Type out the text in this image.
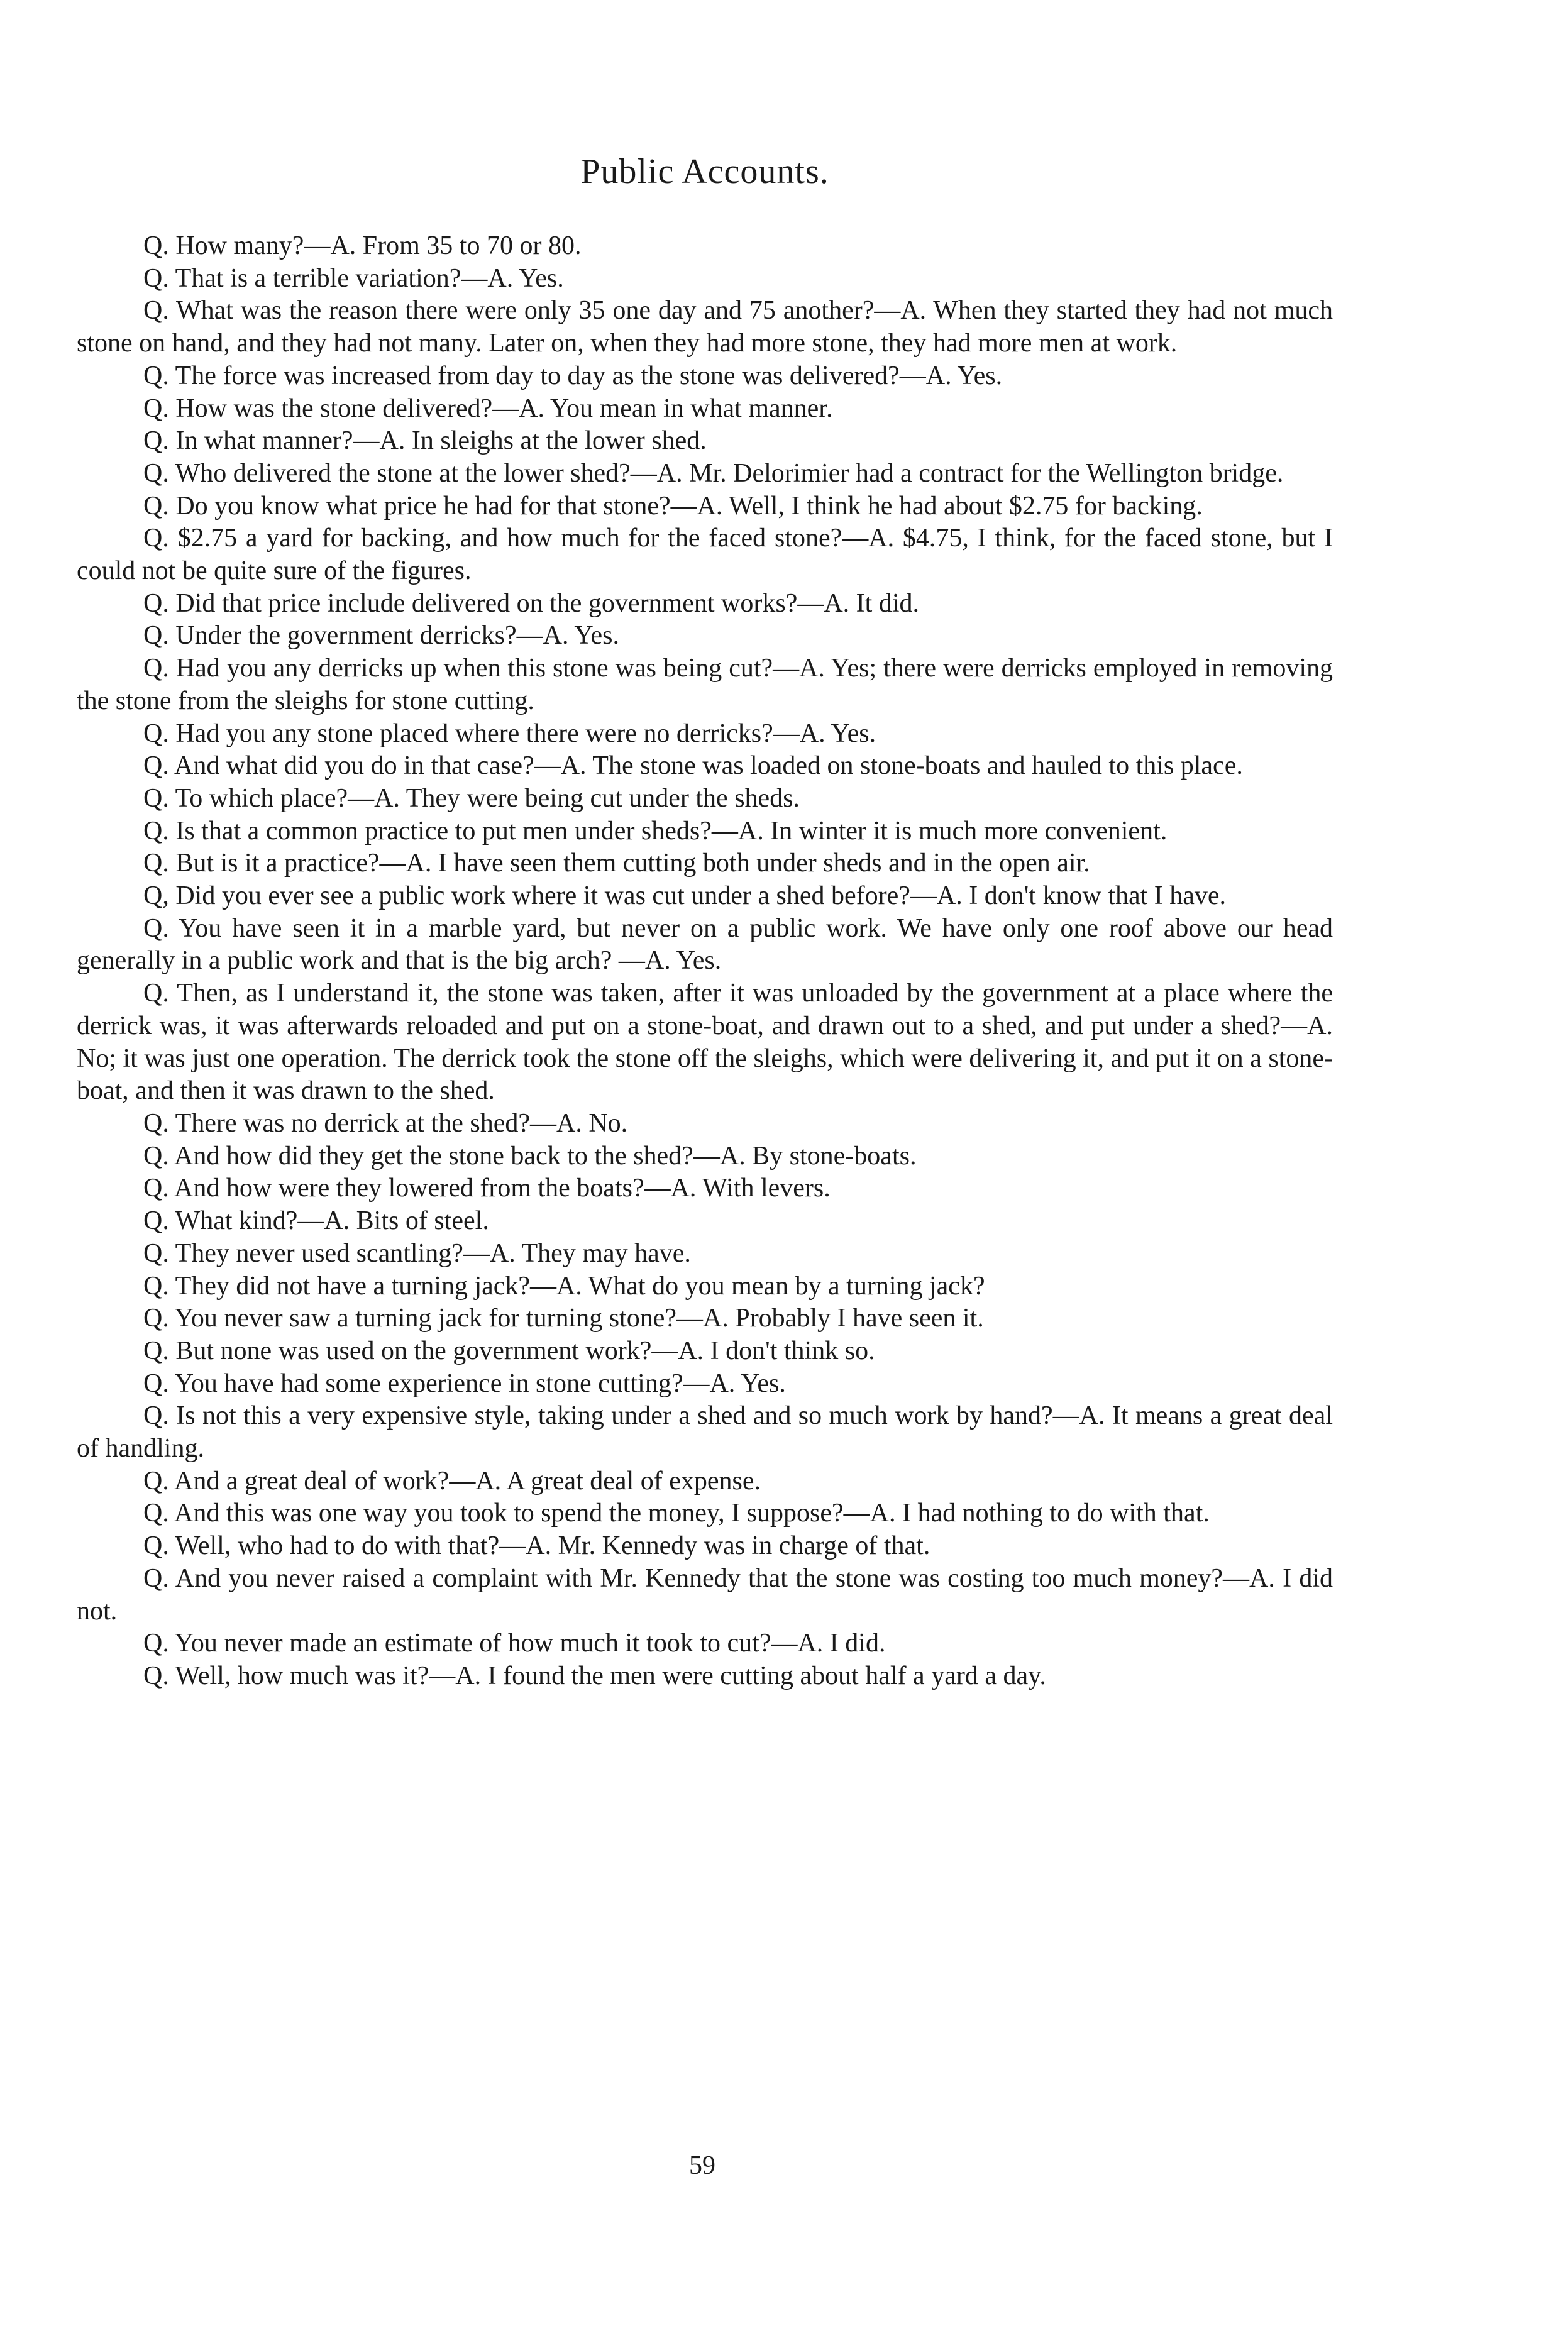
Public Accounts.

Q. How many?—A. From 35 to 70 or 80.

Q. That is a terrible variation?—A. Yes.

Q. What was the reason there were only 35 one day and 75 another?—A. When they started they had not much stone on hand, and they had not many. Later on, when they had more stone, they had more men at work.

Q. The force was increased from day to day as the stone was delivered?—A. Yes.

Q. How was the stone delivered?—A. You mean in what manner.

Q. In what manner?—A. In sleighs at the lower shed.

Q. Who delivered the stone at the lower shed?—A. Mr. Delorimier had a contract for the Wellington bridge.

Q. Do you know what price he had for that stone?—A. Well, I think he had about $2.75 for backing.

Q. $2.75 a yard for backing, and how much for the faced stone?—A. $4.75, I think, for the faced stone, but I could not be quite sure of the figures.

Q. Did that price include delivered on the government works?—A. It did.

Q. Under the government derricks?—A. Yes.

Q. Had you any derricks up when this stone was being cut?—A. Yes; there were derricks employed in removing the stone from the sleighs for stone cutting.

Q. Had you any stone placed where there were no derricks?—A. Yes.

Q. And what did you do in that case?—A. The stone was loaded on stone-boats and hauled to this place.

Q. To which place?—A. They were being cut under the sheds.

Q. Is that a common practice to put men under sheds?—A. In winter it is much more convenient.

Q. But is it a practice?—A. I have seen them cutting both under sheds and in the open air.

Q, Did you ever see a public work where it was cut under a shed before?—A. I don't know that I have.

Q. You have seen it in a marble yard, but never on a public work. We have only one roof above our head generally in a public work and that is the big arch? —A. Yes.

Q. Then, as I understand it, the stone was taken, after it was unloaded by the government at a place where the derrick was, it was afterwards reloaded and put on a stone-boat, and drawn out to a shed, and put under a shed?—A. No; it was just one operation. The derrick took the stone off the sleighs, which were delivering it, and put it on a stone-boat, and then it was drawn to the shed.

Q. There was no derrick at the shed?—A. No.

Q. And how did they get the stone back to the shed?—A. By stone-boats.

Q. And how were they lowered from the boats?—A. With levers.

Q. What kind?—A. Bits of steel.

Q. They never used scantling?—A. They may have.

Q. They did not have a turning jack?—A. What do you mean by a turning jack?

Q. You never saw a turning jack for turning stone?—A. Probably I have seen it.

Q. But none was used on the government work?—A. I don't think so.

Q. You have had some experience in stone cutting?—A. Yes.

Q. Is not this a very expensive style, taking under a shed and so much work by hand?—A. It means a great deal of handling.

Q. And a great deal of work?—A. A great deal of expense.

Q. And this was one way you took to spend the money, I suppose?—A. I had nothing to do with that.

Q. Well, who had to do with that?—A. Mr. Kennedy was in charge of that.

Q. And you never raised a complaint with Mr. Kennedy that the stone was costing too much money?—A. I did not.

Q. You never made an estimate of how much it took to cut?—A. I did.

Q. Well, how much was it?—A. I found the men were cutting about half a yard a day.

59
